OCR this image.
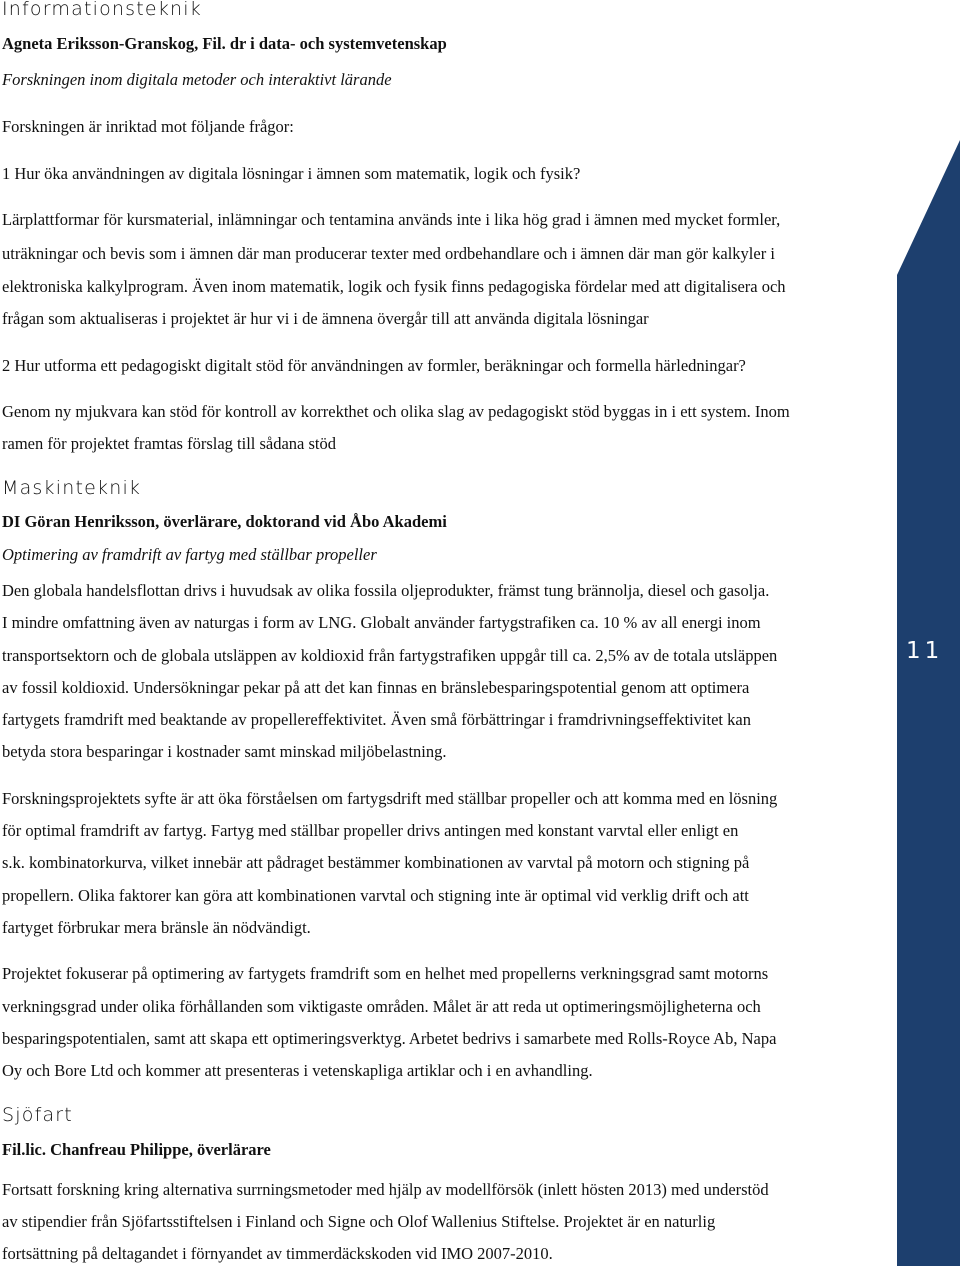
11
Informationsteknik
Agneta Eriksson-Granskog, Fil. dr i data- och systemvetenskap
Forskningen inom digitala metoder och interaktivt lärande
Forskningen är inriktad mot följande frågor:
1 Hur öka användningen av digitala lösningar i ämnen som matematik, logik och fysik?
Lärplattformar för kursmaterial, inlämningar och tentamina används inte i lika hög grad i ämnen med mycket formler,
uträkningar och bevis som i ämnen där man producerar texter med ordbehandlare och i ämnen där man gör kalkyler i
elektroniska kalkylprogram. Även inom matematik, logik och fysik finns pedagogiska fördelar med att digitalisera och
frågan som aktualiseras i projektet är hur vi i de ämnena övergår till att använda digitala lösningar
2 Hur utforma ett pedagogiskt digitalt stöd för användningen av formler, beräkningar och formella härledningar?
Genom ny mjukvara kan stöd för kontroll av korrekthet och olika slag av pedagogiskt stöd byggas in i ett system. Inom
ramen för projektet framtas förslag till sådana stöd
Maskinteknik
DI Göran Henriksson, överlärare, doktorand vid Åbo Akademi
Optimering av framdrift av fartyg med ställbar propeller
Den globala handelsflottan drivs i huvudsak av olika fossila oljeprodukter, främst tung brännolja, diesel och gasolja.
I mindre omfattning även av naturgas i form av LNG. Globalt använder fartygstrafiken ca. 10 % av all energi inom
transportsektorn och de globala utsläppen av koldioxid från fartygstrafiken uppgår till ca. 2,5% av de totala utsläppen
av fossil koldioxid. Undersökningar pekar på att det kan finnas en bränslebesparingspotential genom att optimera
fartygets framdrift med beaktande av propellereffektivitet. Även små förbättringar i framdrivningseffektivitet kan
betyda stora besparingar i kostnader samt minskad miljöbelastning.
Forskningsprojektets syfte är att öka förståelsen om fartygsdrift med ställbar propeller och att komma med en lösning
för optimal framdrift av fartyg. Fartyg med ställbar propeller drivs antingen med konstant varvtal eller enligt en
s.k. kombinatorkurva, vilket innebär att pådraget bestämmer kombinationen av varvtal på motorn och stigning på
propellern. Olika faktorer kan göra att kombinationen varvtal och stigning inte är optimal vid verklig drift och att
fartyget förbrukar mera bränsle än nödvändigt.
Projektet fokuserar på optimering av fartygets framdrift som en helhet med propellerns verkningsgrad samt motorns
verkningsgrad under olika förhållanden som viktigaste områden. Målet är att reda ut optimeringsmöjligheterna och
besparingspotentialen, samt att skapa ett optimeringsverktyg. Arbetet bedrivs i samarbete med Rolls-Royce Ab, Napa
Oy och Bore Ltd och kommer att presenteras i vetenskapliga artiklar och i en avhandling.
Sjöfart
Fil.lic. Chanfreau Philippe, överlärare
Fortsatt forskning kring alternativa surrningsmetoder med hjälp av modellförsök (inlett hösten 2013) med understöd
av stipendier från Sjöfartsstiftelsen i Finland och Signe och Olof Wallenius Stiftelse. Projektet är en naturlig
fortsättning på deltagandet i förnyandet av timmerdäckskoden vid IMO 2007-2010.
